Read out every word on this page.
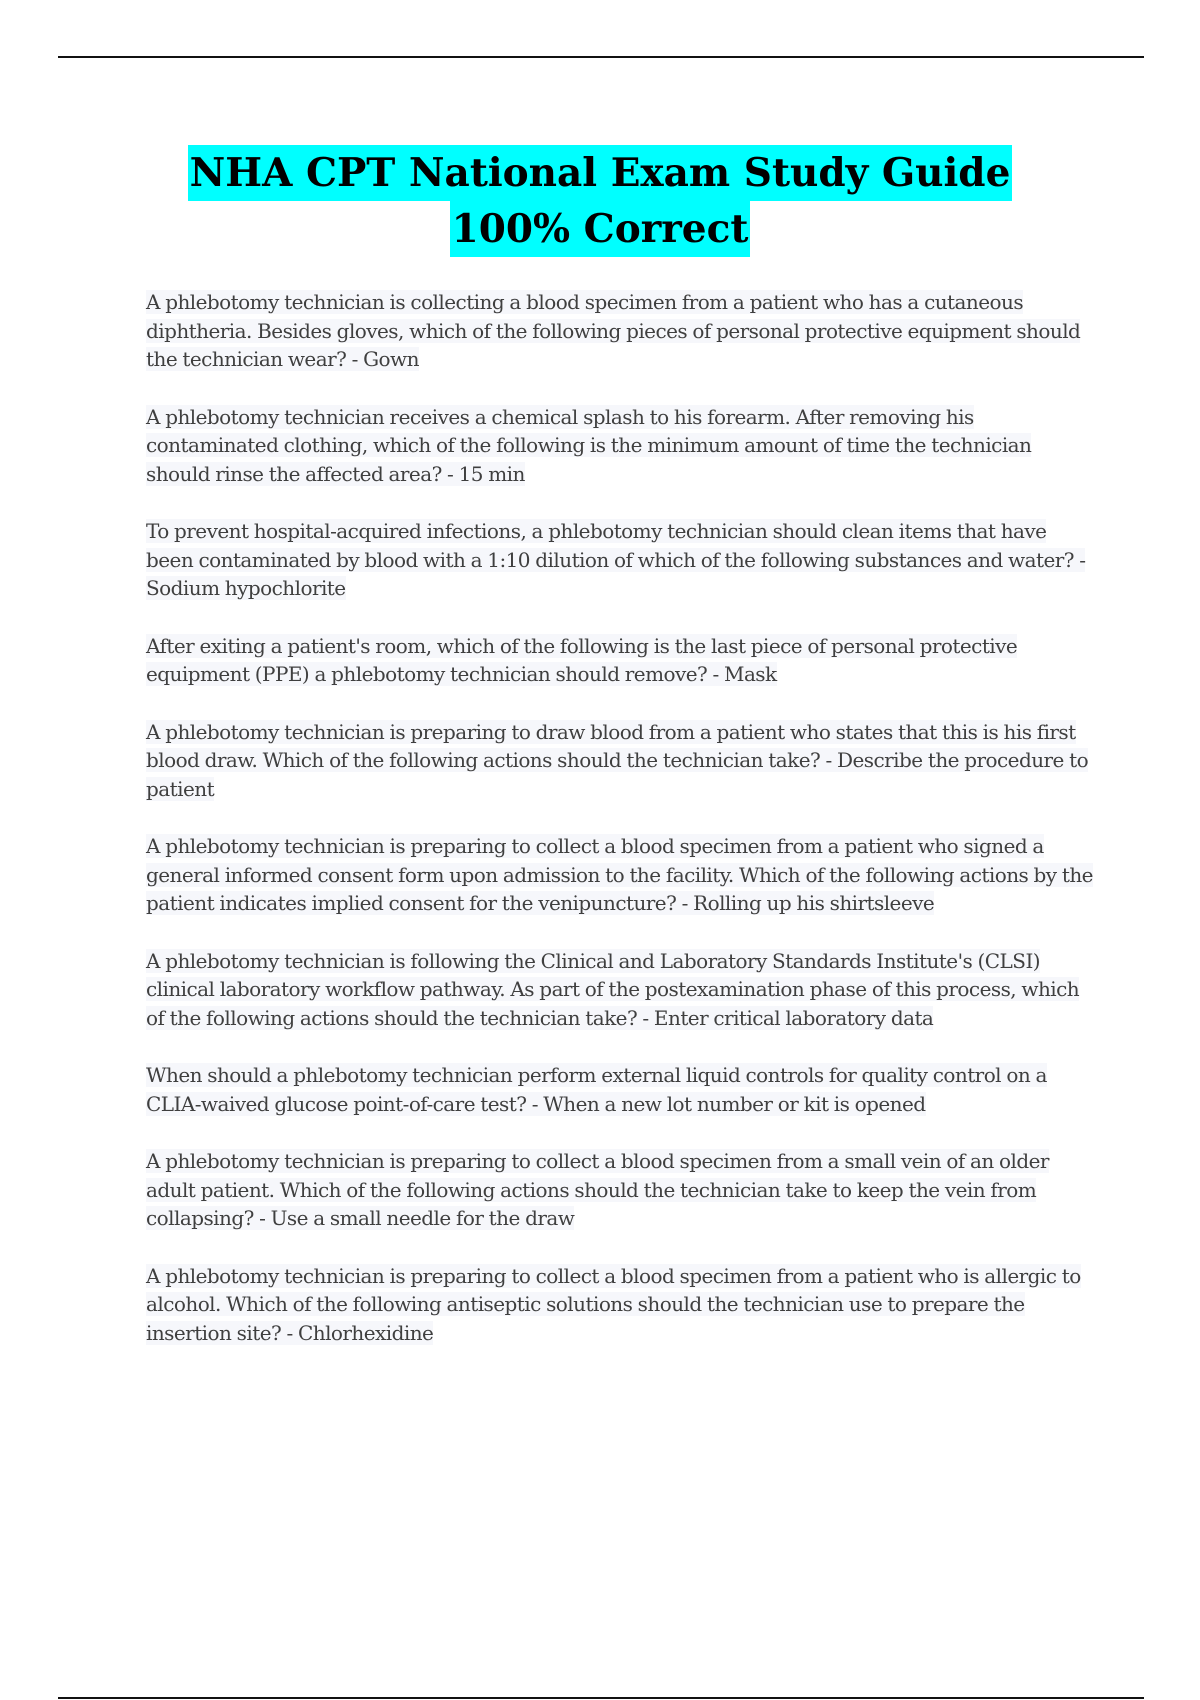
NHA CPT National Exam Study Guide
100% Correct
A phlebotomy technician is collecting a blood specimen from a patient who has a cutaneous diphtheria. Besides gloves, which of the following pieces of personal protective equipment should the technician wear? - Gown
A phlebotomy technician receives a chemical splash to his forearm. After removing his contaminated clothing, which of the following is the minimum amount of time the technician should rinse the affected area? - 15 min
To prevent hospital-acquired infections, a phlebotomy technician should clean items that have been contaminated by blood with a 1:10 dilution of which of the following substances and water? - Sodium hypochlorite
After exiting a patient's room, which of the following is the last piece of personal protective equipment (PPE) a phlebotomy technician should remove? - Mask
A phlebotomy technician is preparing to draw blood from a patient who states that this is his first blood draw. Which of the following actions should the technician take? - Describe the procedure to patient
A phlebotomy technician is preparing to collect a blood specimen from a patient who signed a general informed consent form upon admission to the facility. Which of the following actions by the patient indicates implied consent for the venipuncture? - Rolling up his shirtsleeve
A phlebotomy technician is following the Clinical and Laboratory Standards Institute's (CLSI) clinical laboratory workflow pathway. As part of the postexamination phase of this process, which of the following actions should the technician take? - Enter critical laboratory data
When should a phlebotomy technician perform external liquid controls for quality control on a CLIA-waived glucose point-of-care test? - When a new lot number or kit is opened
A phlebotomy technician is preparing to collect a blood specimen from a small vein of an older adult patient. Which of the following actions should the technician take to keep the vein from collapsing? - Use a small needle for the draw
A phlebotomy technician is preparing to collect a blood specimen from a patient who is allergic to alcohol. Which of the following antiseptic solutions should the technician use to prepare the insertion site? - Chlorhexidine
